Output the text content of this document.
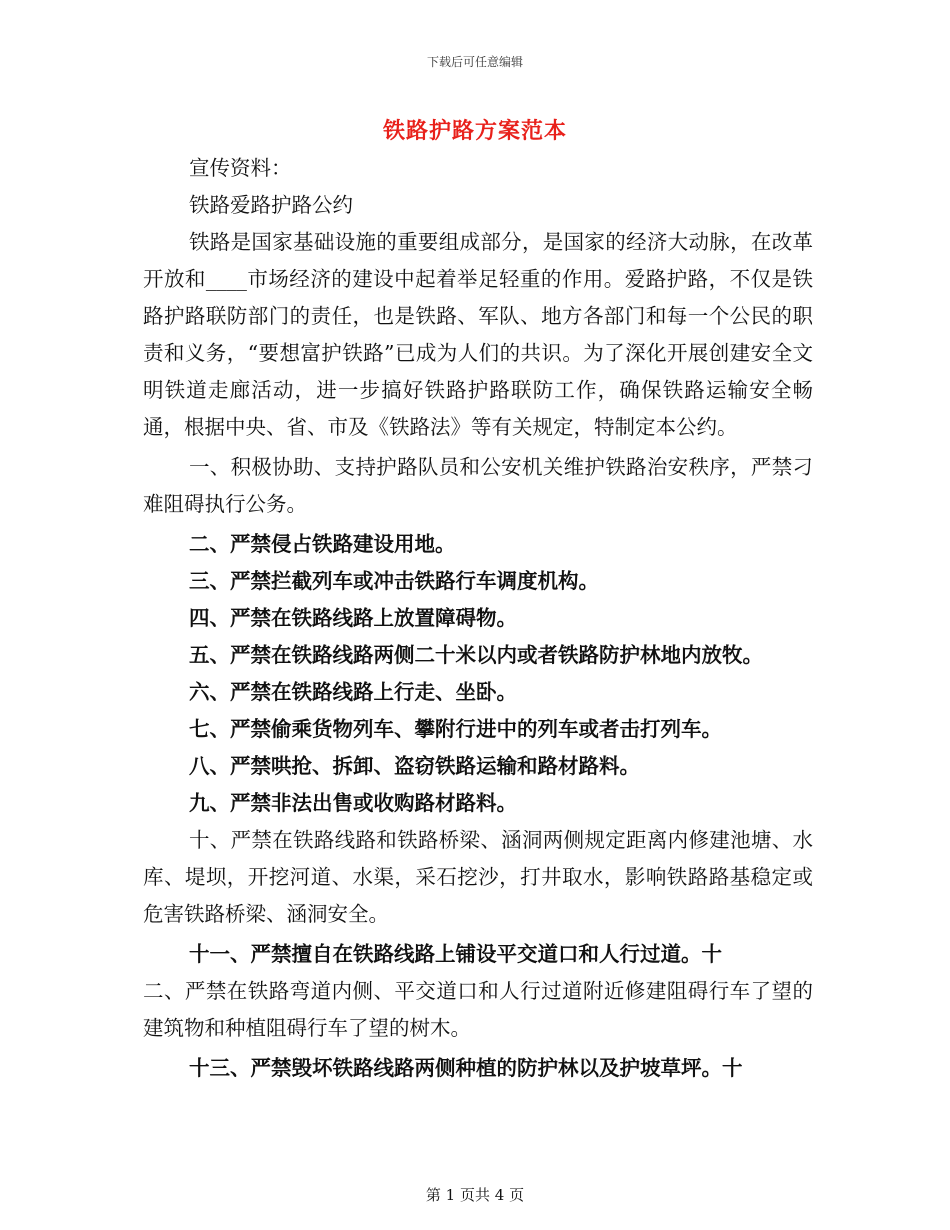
下载后可任意编辑
铁路护路方案范本

宣传资料：

铁路爱路护路公约

铁路是国家基础设施的重要组成部分，是国家的经济大动脉，在改革开放和____市场经济的建设中起着举足轻重的作用。爱路护路，不仅是铁路护路联防部门的责任，也是铁路、军队、地方各部门和每一个公民的职责和义务，“要想富护铁路”已成为人们的共识。为了深化开展创建安全文明铁道走廊活动，进一步搞好铁路护路联防工作，确保铁路运输安全畅通，根据中央、省、市及《铁路法》等有关规定，特制定本公约。

一、积极协助、支持护路队员和公安机关维护铁路治安秩序，严禁刁难阻碍执行公务。

二、严禁侵占铁路建设用地。

三、严禁拦截列车或冲击铁路行车调度机构。

四、严禁在铁路线路上放置障碍物。

五、严禁在铁路线路两侧二十米以内或者铁路防护林地内放牧。

六、严禁在铁路线路上行走、坐卧。

七、严禁偷乘货物列车、攀附行进中的列车或者击打列车。

八、严禁哄抢、拆卸、盗窃铁路运输和路材路料。

九、严禁非法出售或收购路材路料。

十、严禁在铁路线路和铁路桥梁、涵洞两侧规定距离内修建池塘、水库、堤坝，开挖河道、水渠，采石挖沙，打井取水，影响铁路路基稳定或危害铁路桥梁、涵洞安全。

十一、严禁擅自在铁路线路上铺设平交道口和人行过道。十

二、严禁在铁路弯道内侧、平交道口和人行过道附近修建阻碍行车了望的建筑物和种植阻碍行车了望的树木。

十三、严禁毁坏铁路线路两侧种植的防护林以及护坡草坪。十

第 1 页共 4 页
